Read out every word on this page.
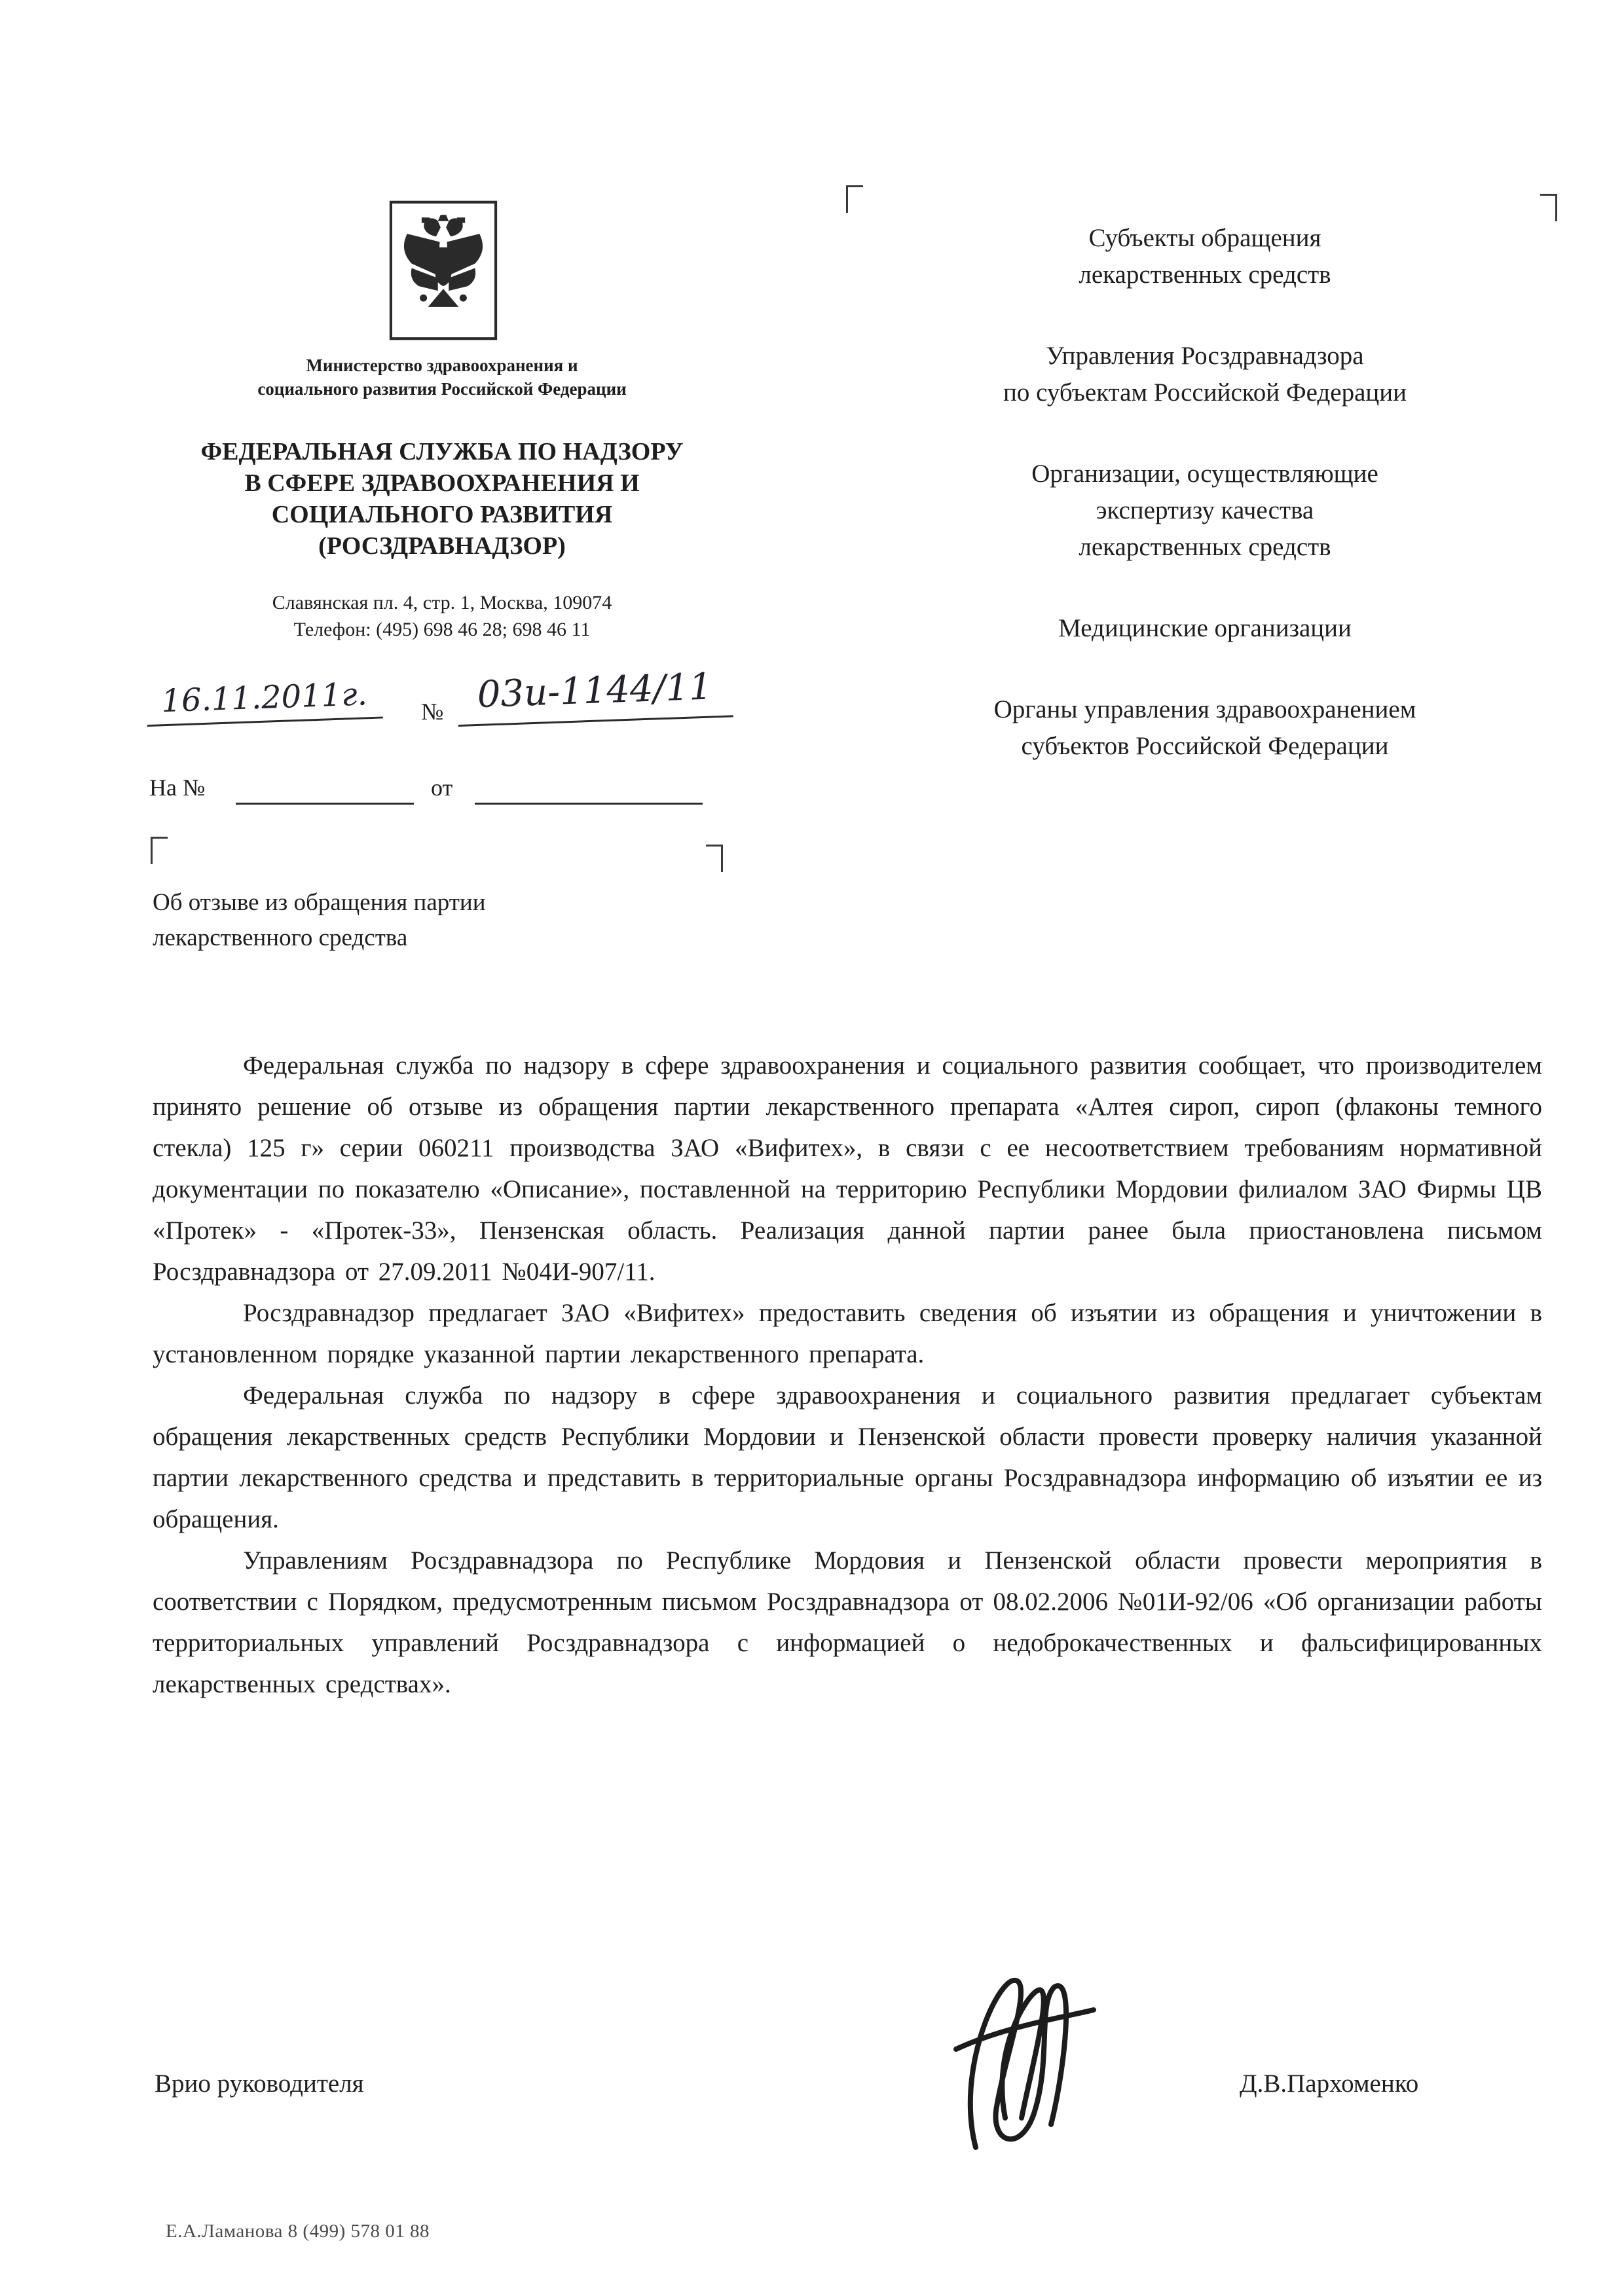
Министерство здравоохранения и
социального развития Российской Федерации
ФЕДЕРАЛЬНАЯ СЛУЖБА ПО НАДЗОРУ
В СФЕРЕ ЗДРАВООХРАНЕНИЯ И
СОЦИАЛЬНОГО РАЗВИТИЯ
(РОСЗДРАВНАДЗОР)
Славянская пл. 4, стр. 1, Москва, 109074
Телефон: (495) 698 46 28; 698 46 11
16.11.2011г.	№ 03и-1144/11
На №	от
Об отзыве из обращения партии
лекарственного средства
Субъекты обращения
лекарственных средств
Управления Росздравнадзора
по субъектам Российской Федерации
Организации, осуществляющие
экспертизу качества
лекарственных средств
Медицинские организации
Органы управления здравоохранением
субъектов Российской Федерации

Федеральная служба по надзору в сфере здравоохранения и социального развития сообщает, что производителем принято решение об отзыве из обращения партии лекарственного препарата «Алтея сироп, сироп (флаконы темного стекла) 125 г» серии 060211 производства ЗАО «Вифитех», в связи с ее несоответствием требованиям нормативной документации по показателю «Описание», поставленной на территорию Республики Мордовии филиалом ЗАО Фирмы ЦВ «Протек» - «Протек-33», Пензенская область. Реализация данной партии ранее была приостановлена письмом Росздравнадзора от 27.09.2011 №04И-907/11.

Росздравнадзор предлагает ЗАО «Вифитех» предоставить сведения об изъятии из обращения и уничтожении в установленном порядке указанной партии лекарственного препарата.

Федеральная служба по надзору в сфере здравоохранения и социального развития предлагает субъектам обращения лекарственных средств Республики Мордовии и Пензенской области провести проверку наличия указанной партии лекарственного средства и представить в территориальные органы Росздравнадзора информацию об изъятии ее из обращения.

Управлениям Росздравнадзора по Республике Мордовия и Пензенской области провести мероприятия в соответствии с Порядком, предусмотренным письмом Росздравнадзора от 08.02.2006 №01И-92/06 «Об организации работы территориальных управлений Росздравнадзора с информацией о недоброкачественных и фальсифицированных лекарственных средствах».

Врио руководителя	Д.В.Пархоменко
Е.А.Ламанова 8 (499) 578 01 88
